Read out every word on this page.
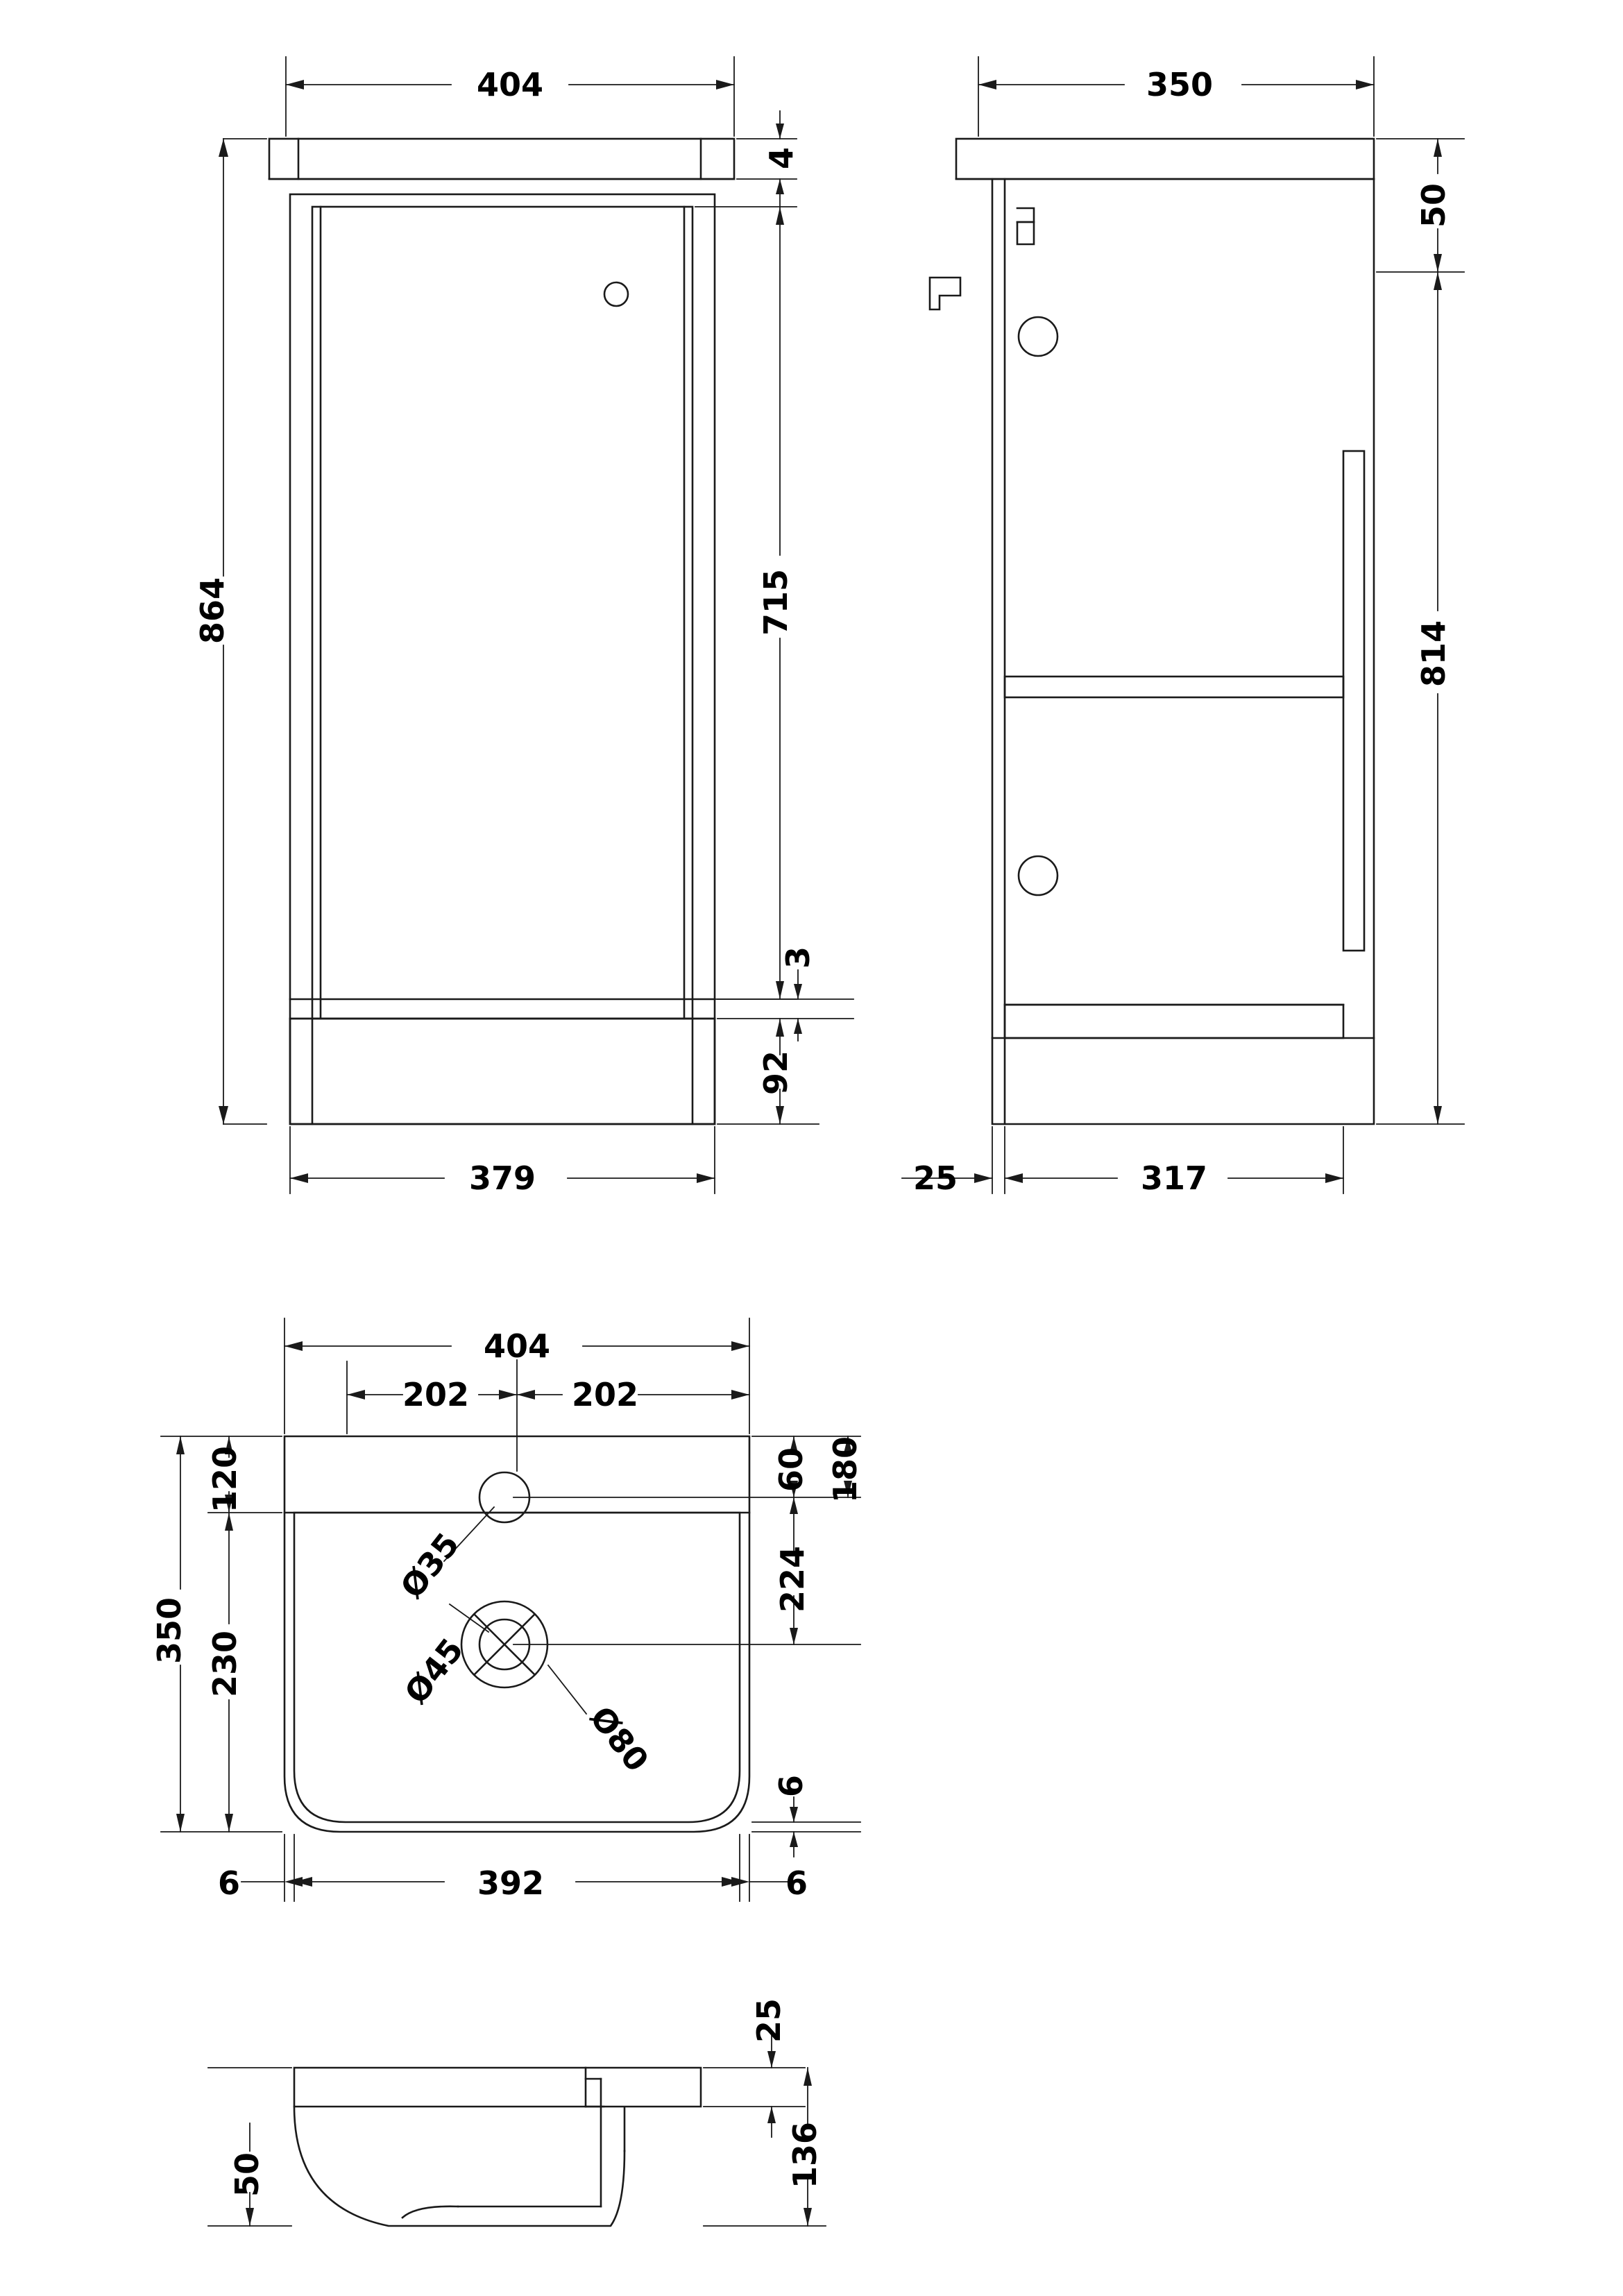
404
864
4
715
3
92
379
350
50
814
25	317
404
202	202
350
120
230
60 180
224
6
6	392	6
Ø35
Ø45
Ø80
25
136
50
